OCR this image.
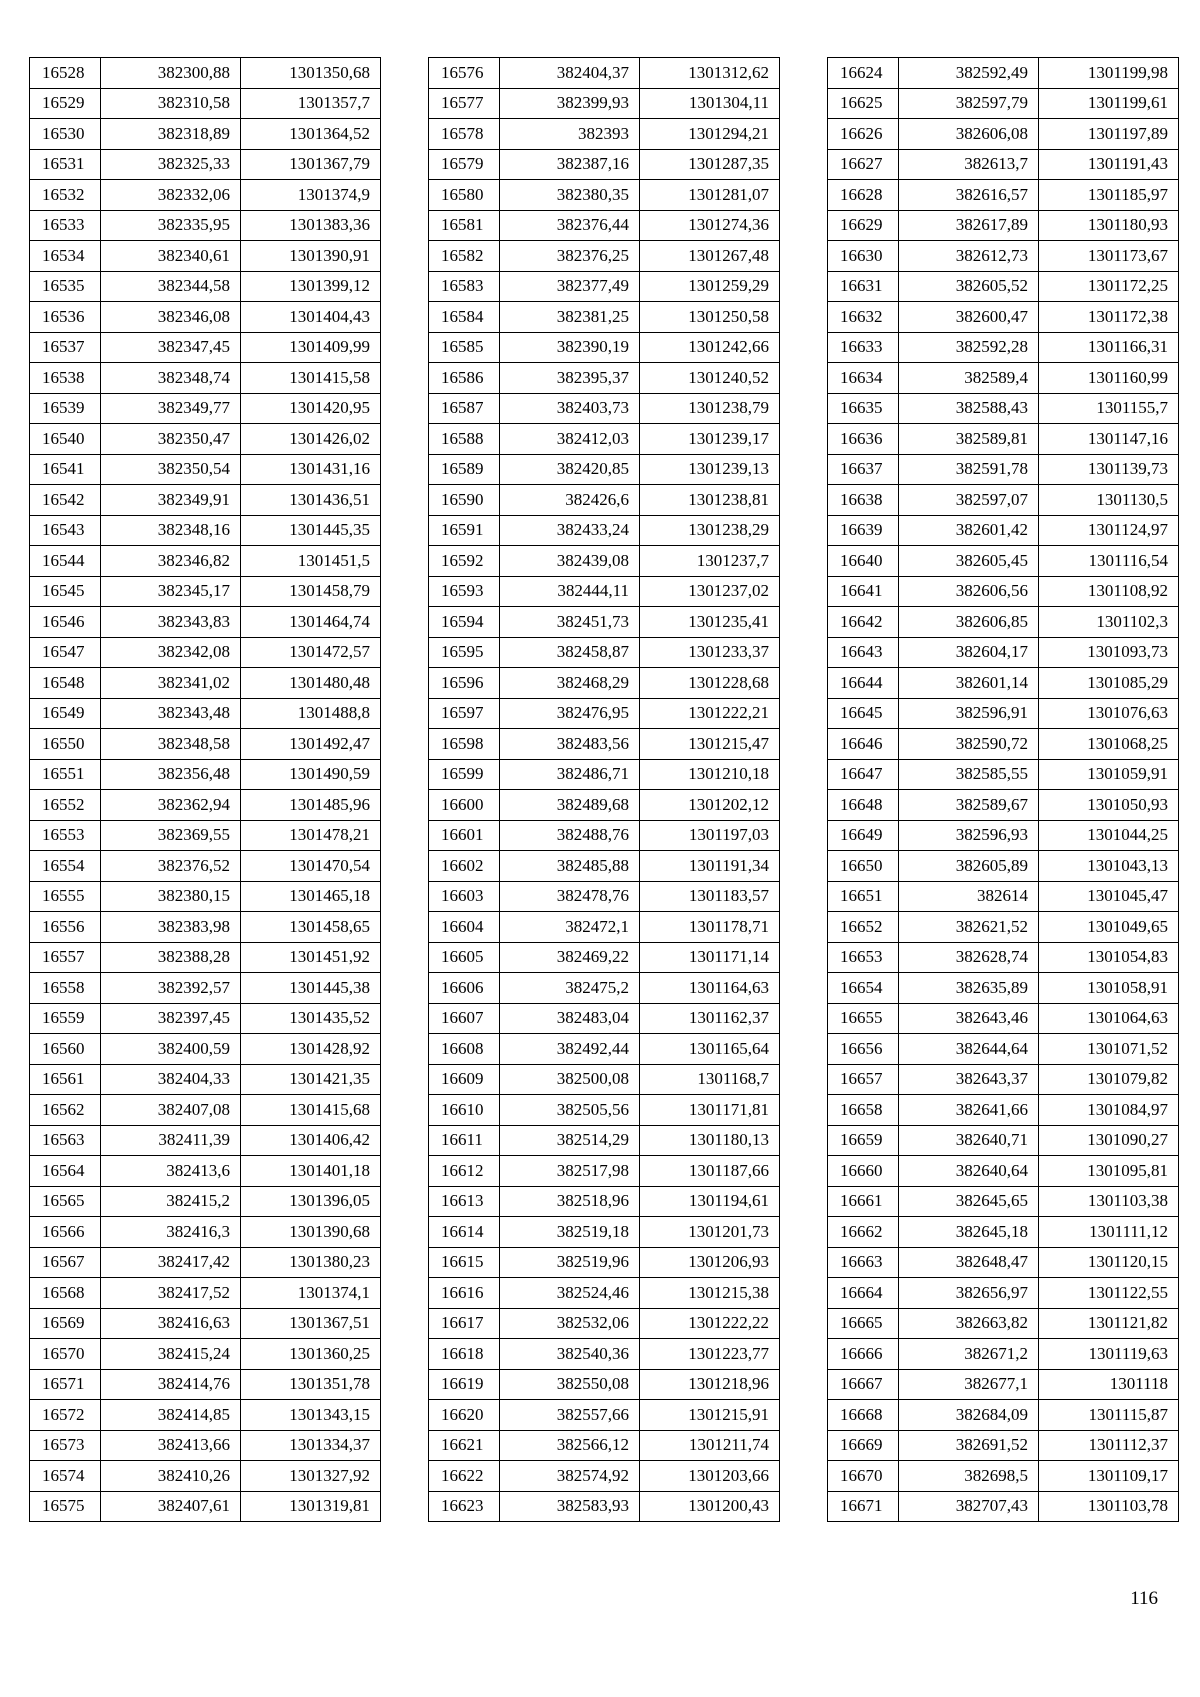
16528	382300,88	1301350,68
16529	382310,58	1301357,7
16530	382318,89	1301364,52
16531	382325,33	1301367,79
16532	382332,06	1301374,9
16533	382335,95	1301383,36
16534	382340,61	1301390,91
16535	382344,58	1301399,12
16536	382346,08	1301404,43
16537	382347,45	1301409,99
16538	382348,74	1301415,58
16539	382349,77	1301420,95
16540	382350,47	1301426,02
16541	382350,54	1301431,16
16542	382349,91	1301436,51
16543	382348,16	1301445,35
16544	382346,82	1301451,5
16545	382345,17	1301458,79
16546	382343,83	1301464,74
16547	382342,08	1301472,57
16548	382341,02	1301480,48
16549	382343,48	1301488,8
16550	382348,58	1301492,47
16551	382356,48	1301490,59
16552	382362,94	1301485,96
16553	382369,55	1301478,21
16554	382376,52	1301470,54
16555	382380,15	1301465,18
16556	382383,98	1301458,65
16557	382388,28	1301451,92
16558	382392,57	1301445,38
16559	382397,45	1301435,52
16560	382400,59	1301428,92
16561	382404,33	1301421,35
16562	382407,08	1301415,68
16563	382411,39	1301406,42
16564	382413,6	1301401,18
16565	382415,2	1301396,05
16566	382416,3	1301390,68
16567	382417,42	1301380,23
16568	382417,52	1301374,1
16569	382416,63	1301367,51
16570	382415,24	1301360,25
16571	382414,76	1301351,78
16572	382414,85	1301343,15
16573	382413,66	1301334,37
16574	382410,26	1301327,92
16575	382407,61	1301319,81
16576	382404,37	1301312,62
16577	382399,93	1301304,11
16578	382393	1301294,21
16579	382387,16	1301287,35
16580	382380,35	1301281,07
16581	382376,44	1301274,36
16582	382376,25	1301267,48
16583	382377,49	1301259,29
16584	382381,25	1301250,58
16585	382390,19	1301242,66
16586	382395,37	1301240,52
16587	382403,73	1301238,79
16588	382412,03	1301239,17
16589	382420,85	1301239,13
16590	382426,6	1301238,81
16591	382433,24	1301238,29
16592	382439,08	1301237,7
16593	382444,11	1301237,02
16594	382451,73	1301235,41
16595	382458,87	1301233,37
16596	382468,29	1301228,68
16597	382476,95	1301222,21
16598	382483,56	1301215,47
16599	382486,71	1301210,18
16600	382489,68	1301202,12
16601	382488,76	1301197,03
16602	382485,88	1301191,34
16603	382478,76	1301183,57
16604	382472,1	1301178,71
16605	382469,22	1301171,14
16606	382475,2	1301164,63
16607	382483,04	1301162,37
16608	382492,44	1301165,64
16609	382500,08	1301168,7
16610	382505,56	1301171,81
16611	382514,29	1301180,13
16612	382517,98	1301187,66
16613	382518,96	1301194,61
16614	382519,18	1301201,73
16615	382519,96	1301206,93
16616	382524,46	1301215,38
16617	382532,06	1301222,22
16618	382540,36	1301223,77
16619	382550,08	1301218,96
16620	382557,66	1301215,91
16621	382566,12	1301211,74
16622	382574,92	1301203,66
16623	382583,93	1301200,43
16624	382592,49	1301199,98
16625	382597,79	1301199,61
16626	382606,08	1301197,89
16627	382613,7	1301191,43
16628	382616,57	1301185,97
16629	382617,89	1301180,93
16630	382612,73	1301173,67
16631	382605,52	1301172,25
16632	382600,47	1301172,38
16633	382592,28	1301166,31
16634	382589,4	1301160,99
16635	382588,43	1301155,7
16636	382589,81	1301147,16
16637	382591,78	1301139,73
16638	382597,07	1301130,5
16639	382601,42	1301124,97
16640	382605,45	1301116,54
16641	382606,56	1301108,92
16642	382606,85	1301102,3
16643	382604,17	1301093,73
16644	382601,14	1301085,29
16645	382596,91	1301076,63
16646	382590,72	1301068,25
16647	382585,55	1301059,91
16648	382589,67	1301050,93
16649	382596,93	1301044,25
16650	382605,89	1301043,13
16651	382614	1301045,47
16652	382621,52	1301049,65
16653	382628,74	1301054,83
16654	382635,89	1301058,91
16655	382643,46	1301064,63
16656	382644,64	1301071,52
16657	382643,37	1301079,82
16658	382641,66	1301084,97
16659	382640,71	1301090,27
16660	382640,64	1301095,81
16661	382645,65	1301103,38
16662	382645,18	1301111,12
16663	382648,47	1301120,15
16664	382656,97	1301122,55
16665	382663,82	1301121,82
16666	382671,2	1301119,63
16667	382677,1	1301118
16668	382684,09	1301115,87
16669	382691,52	1301112,37
16670	382698,5	1301109,17
16671	382707,43	1301103,78
116
